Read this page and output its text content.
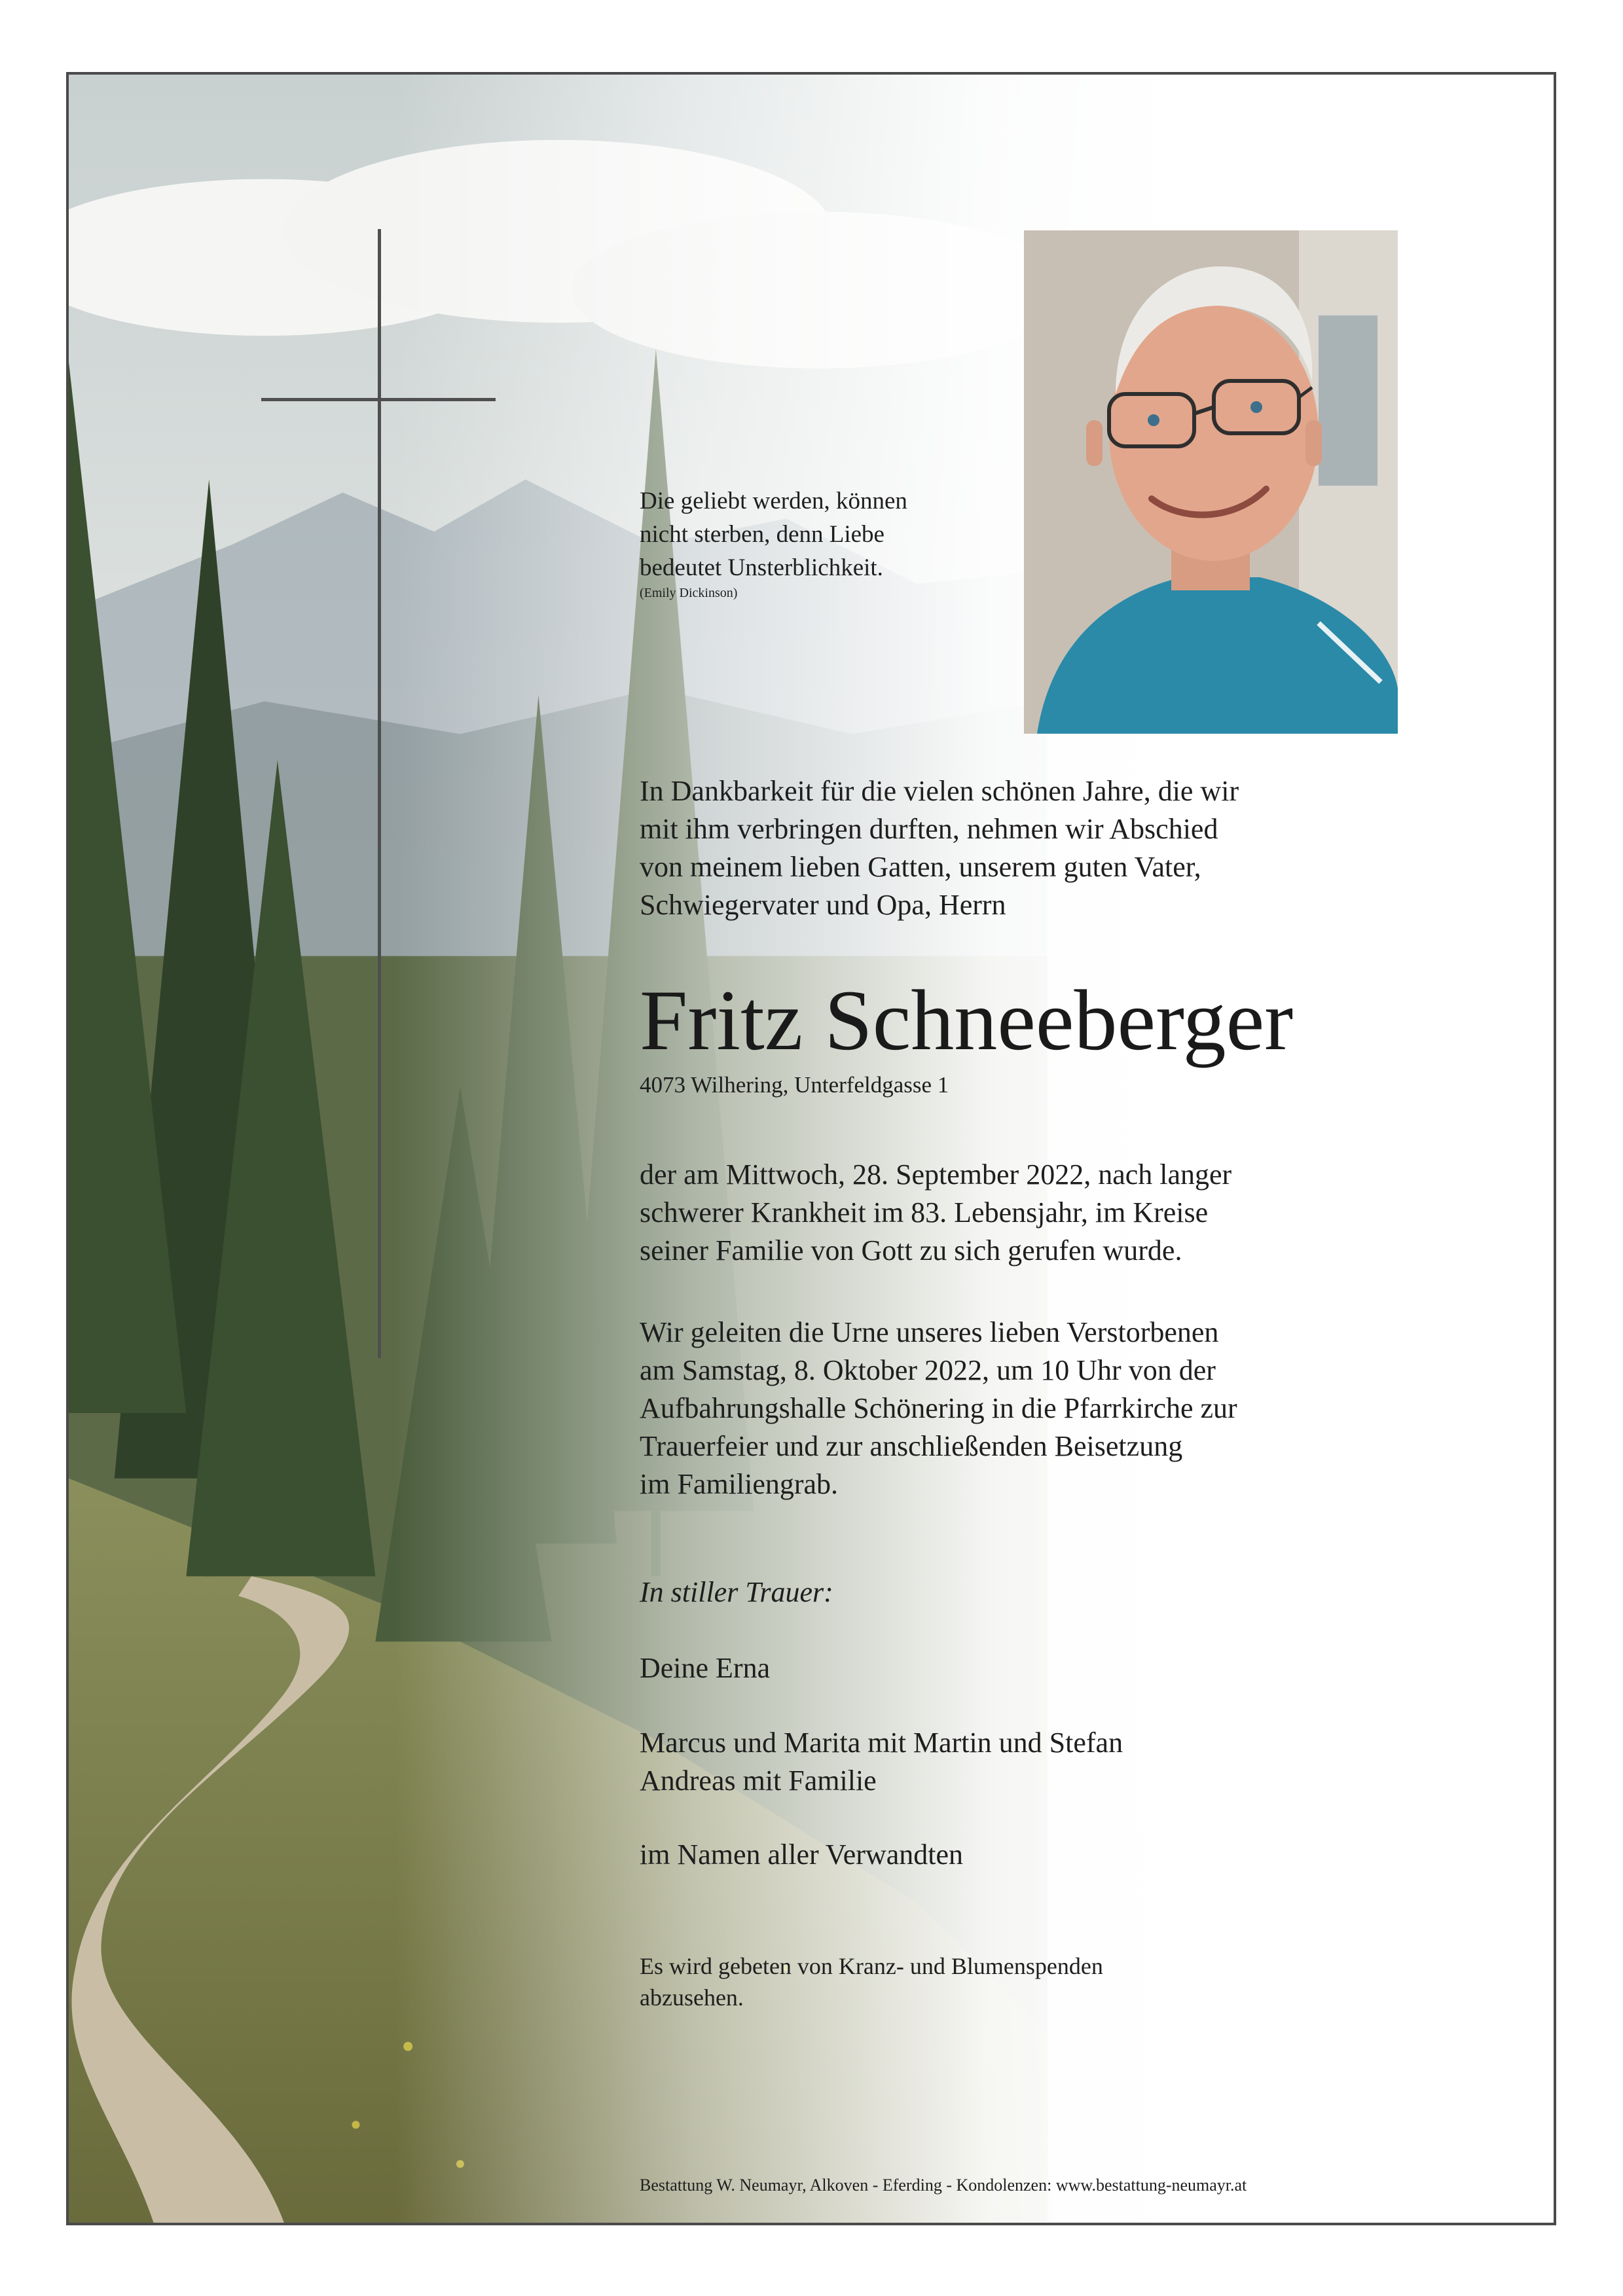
Die geliebt werden, können
nicht sterben, denn Liebe
bedeutet Unsterblichkeit.
(Emily Dickinson)
In Dankbarkeit für die vielen schönen Jahre, die wir
mit ihm verbringen durften, nehmen wir Abschied
von meinem lieben Gatten, unserem guten Vater,
Schwiegervater und Opa, Herrn
Fritz Schneeberger
4073 Wilhering, Unterfeldgasse 1
der am Mittwoch, 28. September 2022, nach langer
schwerer Krankheit im 83. Lebensjahr, im Kreise
seiner Familie von Gott zu sich gerufen wurde.
Wir geleiten die Urne unseres lieben Verstorbenen
am Samstag, 8. Oktober 2022, um 10 Uhr von der
Aufbahrungshalle Schönering in die Pfarrkirche zur
Trauerfeier und zur anschließenden Beisetzung
im Familiengrab.
In stiller Trauer:
Deine Erna
Marcus und Marita mit Martin und Stefan
Andreas mit Familie
im Namen aller Verwandten
Es wird gebeten von Kranz- und Blumenspenden
abzusehen.
Bestattung W. Neumayr, Alkoven - Eferding - Kondolenzen: www.bestattung-neumayr.at
